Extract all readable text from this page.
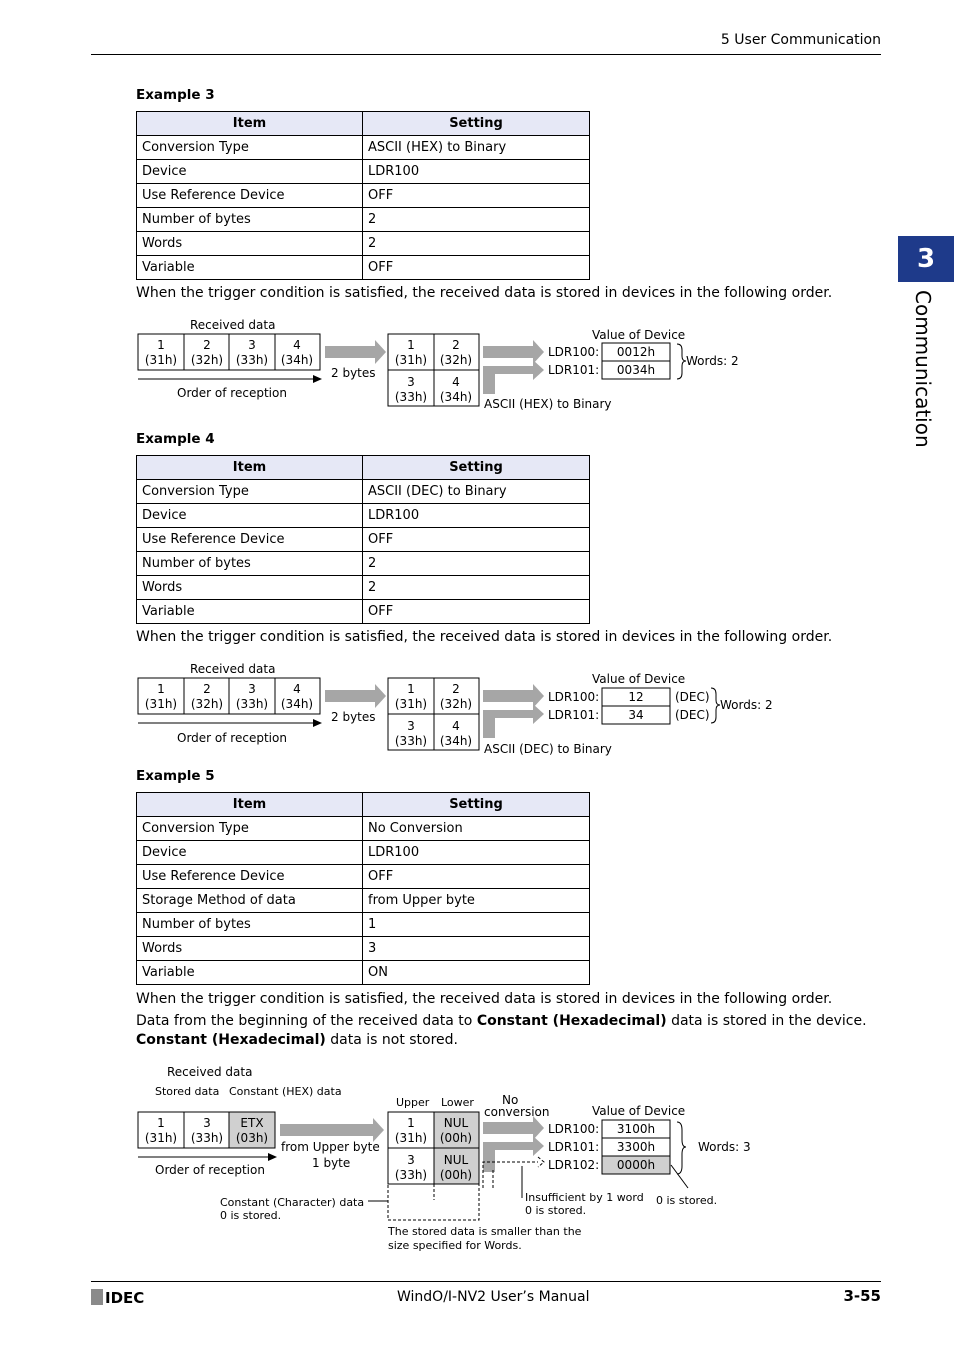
5 User Communication
3
Communication
Example 3
Item	Setting
Conversion Type	ASCII (HEX) to Binary
Device	LDR100
Use Reference Device	OFF
Number of bytes	2
Words	2
Variable	OFF
When the trigger condition is satisfied, the received data is stored in devices in the following order.
Received data
1
(31h)
2
(32h)
3
(33h)
4
(34h)
Order of reception
2 bytes
1
(31h)
2
(32h)
3
(33h)
4
(34h)
Value of Device
LDR100: 0012h
LDR101: 0034h
Words: 2
ASCII (HEX) to Binary
Example 4
Item	Setting
Conversion Type	ASCII (DEC) to Binary
Device	LDR100
Use Reference Device	OFF
Number of bytes	2
Words	2
Variable	OFF
When the trigger condition is satisfied, the received data is stored in devices in the following order.
Received data
1
(31h)
2
(32h)
3
(33h)
4
(34h)
Order of reception
2 bytes
1
(31h)
2
(32h)
3
(33h)
4
(34h)
Value of Device
LDR100: 12	(DEC)
LDR101: 34	(DEC)
Words: 2
ASCII (DEC) to Binary
Example 5
Item	Setting
Conversion Type	No Conversion
Device	LDR100
Use Reference Device	OFF
Storage Method of data	from Upper byte
Number of bytes	1
Words	3
Variable	ON
When the trigger condition is satisfied, the received data is stored in devices in the following order.
Data from the beginning of the received data to Constant (Hexadecimal) data is stored in the device. Constant (Hexadecimal) data is not stored.
Received data
Stored data Constant (HEX) data
1
(31h)
3
(33h)
ETX
(03h)
Order of reception
from Upper byte
1 byte
Upper Lower No
conversion
1
(31h)
NUL
(00h)
3
(33h)
NUL
(00h)
Value of Device
LDR100: 3100h
LDR101: 3300h
LDR102: 0000h
Words: 3
Constant (Character) data
0 is stored.
Insufficient by 1 word
0 is stored.
0 is stored.
The stored data is smaller than the
size specified for Words.
IDEC	WindO/I-NV2 User’s Manual	3-55
